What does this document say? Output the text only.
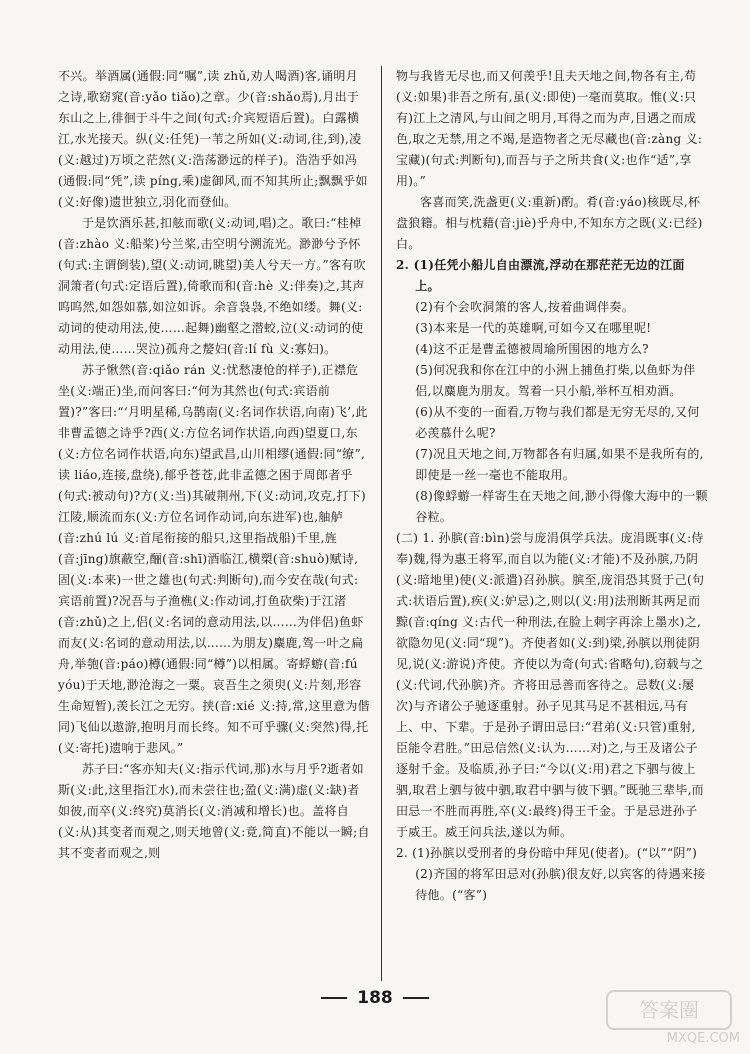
不兴。举酒属(通假:同“嘱”,读 zhǔ,劝人喝酒)客,诵明月之诗,歌窈窕(音:yǎo tiǎo)之章。少(音:shǎo焉),月出于东山之上,徘徊于斗牛之间(句式:介宾短语后置)。白露横江,水光接天。纵(义:任凭)一苇之所如(义:动词,往,到),凌(义:越过)万顷之茫然(义:浩荡渺远的样子)。浩浩乎如冯(通假:同“凭”,读 píng,乘)虚御风,而不知其所止;飘飘乎如(义:好像)遗世独立,羽化而登仙。

于是饮酒乐甚,扣舷而歌(义:动词,唱)之。歌曰:“桂棹(音:zhào 义:船桨)兮兰桨,击空明兮溯流光。渺渺兮予怀(句式:主谓倒装),望(义:动词,眺望)美人兮天一方。”客有吹洞箫者(句式:定语后置),倚歌而和(音:hè 义:伴奏)之,其声呜呜然,如怨如慕,如泣如诉。余音袅袅,不绝如缕。舞(义:动词的使动用法,使……起舞)幽壑之潜蛟,泣(义:动词的使动用法,使……哭泣)孤舟之嫠妇(音:lí fù 义:寡妇)。

苏子愀然(音:qiǎo rán 义:忧愁凄怆的样子),正襟危坐(义:端正)坐,而问客曰:“何为其然也(句式:宾语前置)?”客曰:“‘月明星稀,乌鹊南(义:名词作状语,向南)飞’,此非曹孟德之诗乎?西(义:方位名词作状语,向西)望夏口,东(义:方位名词作状语,向东)望武昌,山川相缪(通假:同“缭”,读 liáo,连接,盘绕),郁乎苍苍,此非孟德之困于周郎者乎(句式:被动句)?方(义:当)其破荆州,下(义:动词,攻克,打下)江陵,顺流而东(义:方位名词作动词,向东进军)也,舳舻(音:zhú lú 义:首尾衔接的船只,这里指战船)千里,旌(音:jīng)旗蔽空,酾(音:shī)酒临江,横槊(音:shuò)赋诗,固(义:本来)一世之雄也(句式:判断句),而今安在哉(句式:宾语前置)?况吾与子渔樵(义:作动词,打鱼砍柴)于江渚(音:zhǔ)之上,侣(义:名词的意动用法,以……为伴侣)鱼虾而友(义:名词的意动用法,以……为朋友)麋鹿,驾一叶之扁舟,举匏(音:páo)樽(通假:同“樽”)以相属。寄蜉蝣(音:fú yóu)于天地,渺沧海之一粟。哀吾生之须臾(义:片刻,形容生命短暂),羡长江之无穷。挟(音:xié 义:持,常,这里意为偕同)飞仙以遨游,抱明月而长终。知不可乎骤(义:突然)得,托(义:寄托)遗响于悲风。”

苏子曰:“客亦知夫(义:指示代词,那)水与月乎?逝者如斯(义:此,这里指江水),而未尝往也;盈(义:满)虚(义:缺)者如彼,而卒(义:终究)莫消长(义:消减和增长)也。盖将自(义:从)其变者而观之,则天地曾(义:竟,简直)不能以一瞬;自其不变者而观之,则

物与我皆无尽也,而又何羡乎!且夫天地之间,物各有主,苟(义:如果)非吾之所有,虽(义:即使)一毫而莫取。惟(义:只有)江上之清风,与山间之明月,耳得之而为声,目遇之而成色,取之无禁,用之不竭,是造物者之无尽藏也(音:zàng 义:宝藏)(句式:判断句),而吾与子之所共食(义:也作“适”,享用)。”

客喜而笑,洗盏更(义:重新)酌。肴(音:yáo)核既尽,杯盘狼籍。相与枕藉(音:jiè)乎舟中,不知东方之既(义:已经)白。

2. (1)任凭小船儿自由漂流,浮动在那茫茫无边的江面上。

(2)有个会吹洞箫的客人,按着曲调伴奏。

(3)本来是一代的英雄啊,可如今又在哪里呢!

(4)这不正是曹孟德被周瑜所围困的地方么?

(5)何况我和你在江中的小洲上捕鱼打柴,以鱼虾为伴侣,以麋鹿为朋友。驾着一只小船,举杯互相劝酒。

(6)从不变的一面看,万物与我们都是无穷无尽的,又何必羡慕什么呢?

(7)况且天地之间,万物都各有归属,如果不是我所有的,即使是一丝一毫也不能取用。

(8)像蜉蝣一样寄生在天地之间,渺小得像大海中的一颗谷粒。

(二) 1. 孙膑(音:bìn)尝与庞涓俱学兵法。庞涓既事(义:侍奉)魏,得为惠王将军,而自以为能(义:才能)不及孙膑,乃阴(义:暗地里)使(义:派遣)召孙膑。膑至,庞涓恐其贤于己(句式:状语后置),疾(义:妒忌)之,则以(义:用)法刑断其两足而黥(音:qíng 义:古代一种刑法,在脸上刺字再涂上墨水)之,欲隐勿见(义:同“现”)。齐使者如(义:到)梁,孙膑以刑徒阴见,说(义:游说)齐使。齐使以为奇(句式:省略句),窃载与之(义:代词,代孙膑)齐。齐将田忌善而客待之。忌数(义:屡次)与齐诸公子驰逐重射。孙子见其马足不甚相远,马有上、中、下辈。于是孙子谓田忌曰:“君弟(义:只管)重射,臣能令君胜。”田忌信然(义:认为……对)之,与王及诸公子逐射千金。及临质,孙子曰:“今以(义:用)君之下驷与彼上驷,取君上驷与彼中驷,取君中驷与彼下驷。”既驰三辈毕,而田忌一不胜而再胜,卒(义:最终)得王千金。于是忌进孙子于威王。威王问兵法,遂以为师。

2. (1)孙膑以受刑者的身份暗中拜见(使者)。(“以”“阴”)

(2)齐国的将军田忌对(孙膑)很友好,以宾客的待遇来接待他。(“客”)

188	答案圈
MXQE.COM
